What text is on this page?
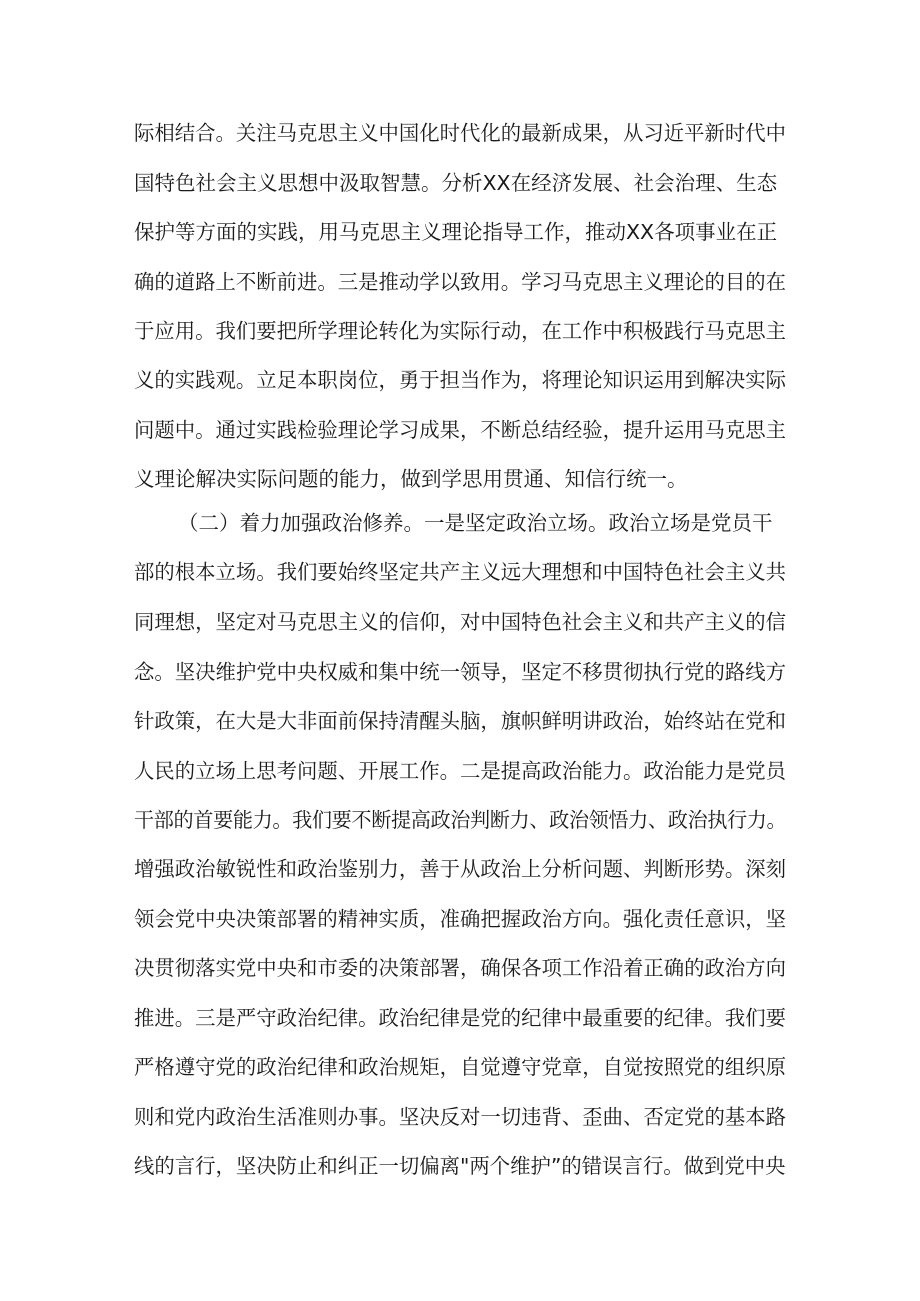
际相结合。关注马克思主义中国化时代化的最新成果，从习近平新时代中
国特色社会主义思想中汲取智慧。分析XX在经济发展、社会治理、生态
保护等方面的实践，用马克思主义理论指导工作，推动XX各项事业在正
确的道路上不断前进。三是推动学以致用。学习马克思主义理论的目的在
于应用。我们要把所学理论转化为实际行动，在工作中积极践行马克思主
义的实践观。立足本职岗位，勇于担当作为，将理论知识运用到解决实际
问题中。通过实践检验理论学习成果，不断总结经验，提升运用马克思主
义理论解决实际问题的能力，做到学思用贯通、知信行统一。
（二）着力加强政治修养。一是坚定政治立场。政治立场是党员干
部的根本立场。我们要始终坚定共产主义远大理想和中国特色社会主义共
同理想，坚定对马克思主义的信仰，对中国特色社会主义和共产主义的信
念。坚决维护党中央权威和集中统一领导，坚定不移贯彻执行党的路线方
针政策，在大是大非面前保持清醒头脑，旗帜鲜明讲政治，始终站在党和
人民的立场上思考问题、开展工作。二是提高政治能力。政治能力是党员
干部的首要能力。我们要不断提高政治判断力、政治领悟力、政治执行力。
增强政治敏锐性和政治鉴别力，善于从政治上分析问题、判断形势。深刻
领会党中央决策部署的精神实质，准确把握政治方向。强化责任意识，坚
决贯彻落实党中央和市委的决策部署，确保各项工作沿着正确的政治方向
推进。三是严守政治纪律。政治纪律是党的纪律中最重要的纪律。我们要
严格遵守党的政治纪律和政治规矩，自觉遵守党章，自觉按照党的组织原
则和党内政治生活准则办事。坚决反对一切违背、歪曲、否定党的基本路
线的言行，坚决防止和纠正一切偏离"两个维护”的错误言行。做到党中央
